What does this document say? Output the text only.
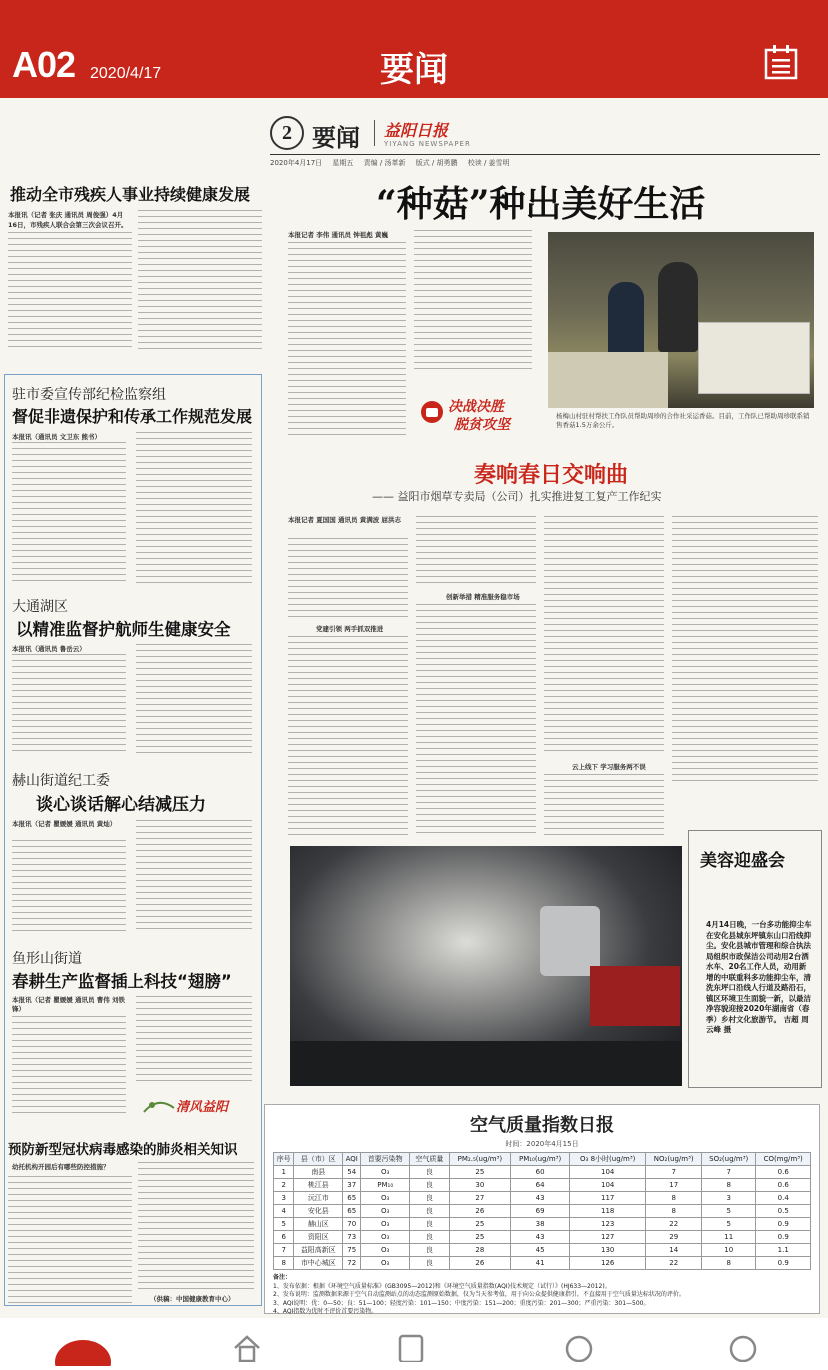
A02 2020/4/17	要闻
2 要闻 益阳日报
YIYANG NEWSPAPER
2020年4月17日 星期五 责编 / 汤革新 版式 / 胡勇鹏 校读 / 姜雪明
推动全市残疾人事业持续健康发展
本报讯（记者 张庆 通讯员 周俊强）4月16日，市残疾人联合会第三次会议召开。
驻市委宣传部纪检监察组
督促非遗保护和传承工作规范发展
本报讯（通讯员 文卫东 熊书）
大通湖区
以精准监督护航师生健康安全
本报讯（通讯员 鲁岳云）
赫山街道纪工委
谈心谈话解心结减压力
本报讯（记者 瞿媛媛 通讯员 黄灿）
鱼形山街道
春耕生产监督插上科技“翅膀”
本报讯（记者 瞿媛媛 通讯员 曹伟 刘铁锋）
清风益阳
预防新型冠状病毒感染的肺炎相关知识
幼托机构开园后有哪些防控措施？
（供稿：中国健康教育中心）
“种菇”种出美好生活
本报记者 李伟 通讯员 钟祖彪 黄巍
杨梅山村驻村帮扶工作队员帮助周珍的合作社采运香菇。目前，工作队已帮助周珍联系销售香菇1.5万余公斤。
决战决胜
脱贫攻坚
奏响春日交响曲
—— 益阳市烟草专卖局（公司）扎实推进复工复产工作纪实
本报记者 夏国国 通讯员 黄满波 屈洪志
党建引领 两手抓双推进
创新举措 精准服务稳市场
云上线下 学习服务两不误
美容迎盛会
4月14日晚，一台多功能抑尘车在安化县城东坪镇东山口沿线抑尘。安化县城市管理和综合执法局组织市政保洁公司动用2台洒水车、20名工作人员，动用新增的中联重科多功能抑尘车，清洗东坪口沿线人行道及路沿石，镇区环境卫生面貌一新，以最洁净容貌迎接2020年湖南省（春季）乡村文化旅游节。 吉超 周云峰 摄
空气质量指数日报
时间：2020年4月15日
序号	县（市）区	AQI	首要污染物	空气质量	PM₂.₅(ug/m³)	PM₁₀(ug/m³)	O₃ 8小时(ug/m³)	NO₂(ug/m³)	SO₂(ug/m³)	CO(mg/m³)
1	南县	54	O₃	良	25	60	104	7	7	0.6
2	桃江县	37	PM₁₀	良	30	64	104	17	8	0.6
3	沅江市	65	O₃	良	27	43	117	8	3	0.4
4	安化县	65	O₃	良	26	69	118	8	5	0.5
5	赫山区	70	O₃	良	25	38	123	22	5	0.9
6	资阳区	73	O₃	良	25	43	127	29	11	0.9
7	益阳高新区	75	O₃	良	28	45	130	14	10	1.1
8	市中心城区	72	O₃	良	26	41	126	22	8	0.9
备注：
1、发布依据：根据《环境空气质量标准》(GB3095—2012)和《环境空气质量指数(AQI)技术规定（试行）》(HJ633—2012)。
2、发布说明：监测数据来源于空气自动监测站点的动态监测原始数据，仅为当天参考值，用于向公众提供健康指引，不直接用于空气质量达标状况的评价。
3、AQI说明：优：0—50；良：51—100；轻度污染：101—150；中度污染：151—200；重度污染：201—300；严重污染：301—500。
4、AQI指数为优时不评价首要污染物。
